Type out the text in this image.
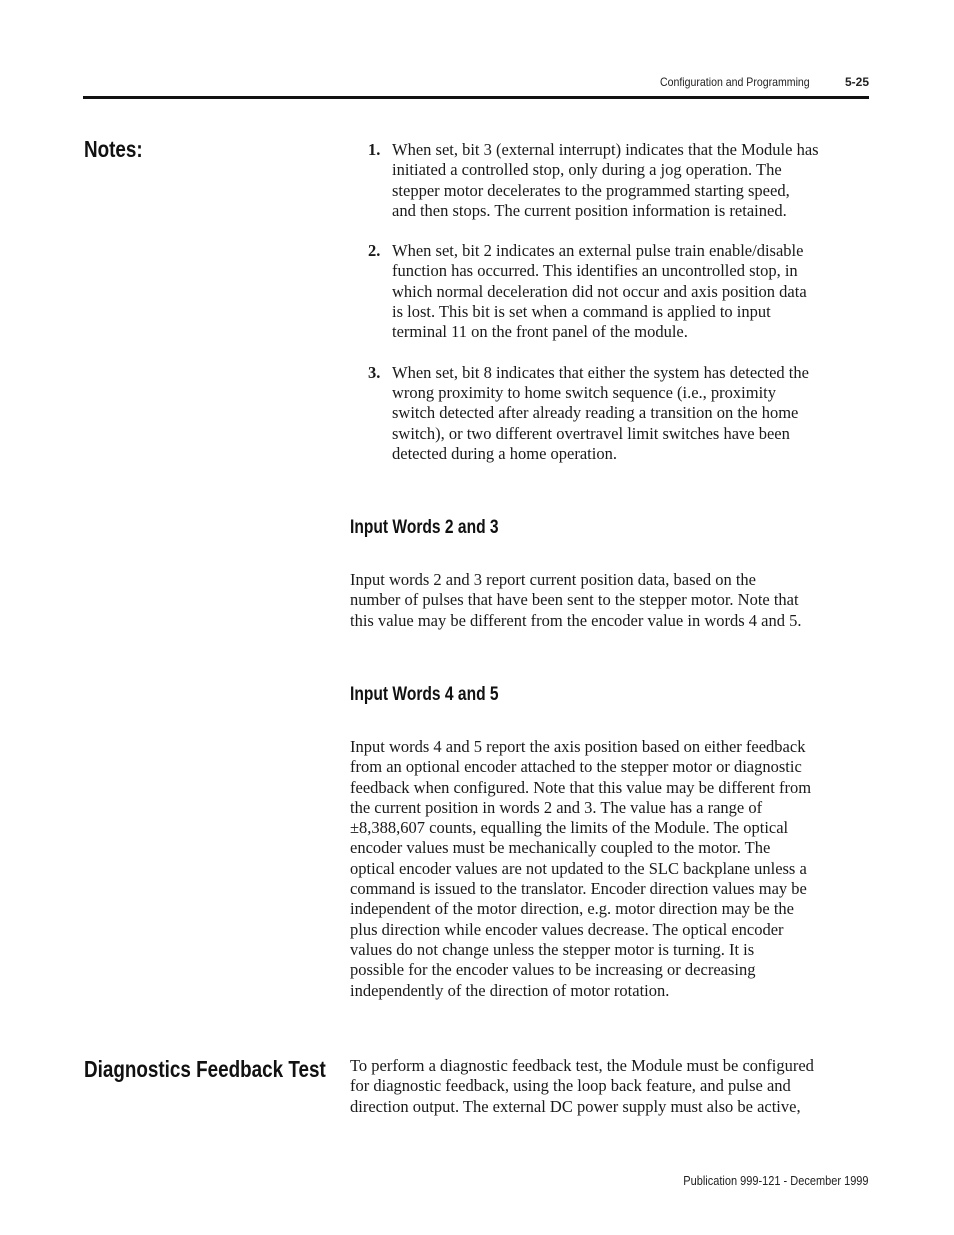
Configuration and Programming	5-25
Notes:	1. When set, bit 3 (external interrupt) indicates that the Module has
initiated a controlled stop, only during a jog operation. The
stepper motor decelerates to the programmed starting speed,
and then stops. The current position information is retained.
2. When set, bit 2 indicates an external pulse train enable/disable
function has occurred. This identifies an uncontrolled stop, in
which normal deceleration did not occur and axis position data
is lost. This bit is set when a command is applied to input
terminal 11 on the front panel of the module.
3. When set, bit 8 indicates that either the system has detected the
wrong proximity to home switch sequence (i.e., proximity
switch detected after already reading a transition on the home
switch), or two different overtravel limit switches have been
detected during a home operation.
Input Words 2 and 3
Input words 2 and 3 report current position data, based on the
number of pulses that have been sent to the stepper motor. Note that
this value may be different from the encoder value in words 4 and 5.
Input Words 4 and 5
Input words 4 and 5 report the axis position based on either feedback
from an optional encoder attached to the stepper motor or diagnostic
feedback when configured. Note that this value may be different from
the current position in words 2 and 3. The value has a range of
±8,388,607 counts, equalling the limits of the Module. The optical
encoder values must be mechanically coupled to the motor. The
optical encoder values are not updated to the SLC backplane unless a
command is issued to the translator. Encoder direction values may be
independent of the motor direction, e.g. motor direction may be the
plus direction while encoder values decrease. The optical encoder
values do not change unless the stepper motor is turning. It is
possible for the encoder values to be increasing or decreasing
independently of the direction of motor rotation.
Diagnostics Feedback Test To perform a diagnostic feedback test, the Module must be configured
for diagnostic feedback, using the loop back feature, and pulse and
direction output. The external DC power supply must also be active,
Publication 999-121 - December 1999
